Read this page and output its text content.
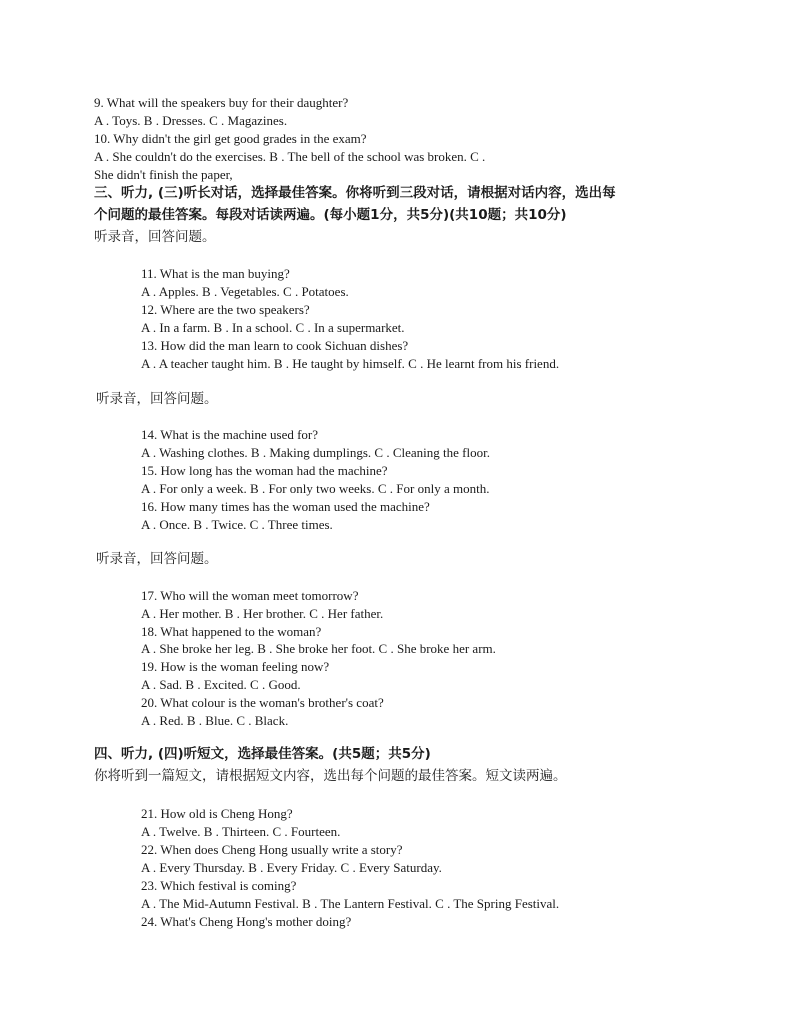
9. What will the speakers buy for their daughter?
A . Toys. B . Dresses. C . Magazines.
10. Why didn't the girl get good grades in the exam?
A . She couldn't do the exercises. B . The bell of the school was broken. C .
She didn't finish the paper,
三、听力, (三)听长对话，选择最佳答案。你将听到三段对话，请根据对话内容，选出每
个问题的最佳答案。每段对话读两遍。(每小题1分，共5分)(共10题；共10分)
听录音，回答问题。
11. What is the man buying?
A . Apples. B . Vegetables. C . Potatoes.
12. Where are the two speakers?
A . In a farm. B . In a school. C . In a supermarket.
13. How did the man learn to cook Sichuan dishes?
A . A teacher taught him. B . He taught by himself. C . He learnt from his friend.
听录音，回答问题。
14. What is the machine used for?
A . Washing clothes. B . Making dumplings. C . Cleaning the floor.
15. How long has the woman had the machine?
A . For only a week. B . For only two weeks. C . For only a month.
16. How many times has the woman used the machine?
A . Once. B . Twice. C . Three times.
听录音，回答问题。
17. Who will the woman meet tomorrow?
A . Her mother. B . Her brother. C . Her father.
18. What happened to the woman?
A . She broke her leg. B . She broke her foot. C . She broke her arm.
19. How is the woman feeling now?
A . Sad. B . Excited. C . Good.
20. What colour is the woman's brother's coat?
A . Red. B . Blue. C . Black.
四、听力, (四)听短文，选择最佳答案。(共5题；共5分)
你将听到一篇短文，请根据短文内容，选出每个问题的最佳答案。短文读两遍。
21. How old is Cheng Hong?
A . Twelve. B . Thirteen. C . Fourteen.
22. When does Cheng Hong usually write a story?
A . Every Thursday. B . Every Friday. C . Every Saturday.
23. Which festival is coming?
A . The Mid-Autumn Festival. B . The Lantern Festival. C . The Spring Festival.
24. What's Cheng Hong's mother doing?
